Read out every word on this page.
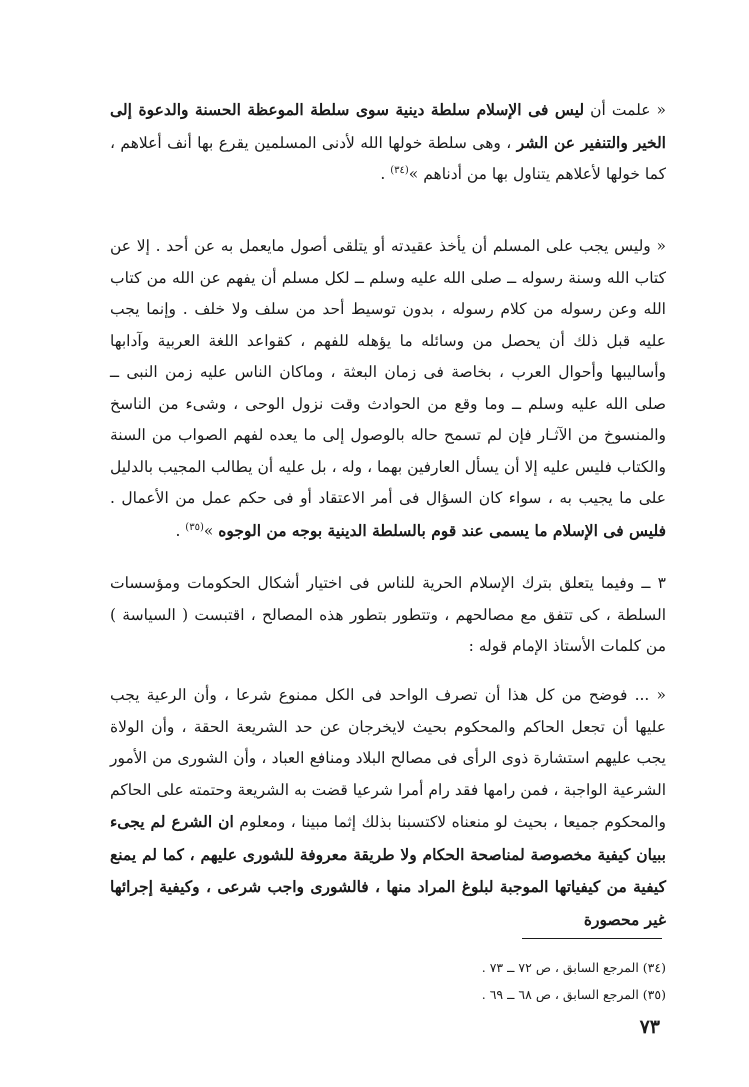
« علمت أن ليس فى الإسلام سلطة دينية سوى سلطة الموعظة الحسنة والدعوة إلى الخير والتنفير عن الشر ، وهى سلطة خولها الله لأدنى المسلمين يقرع بها أنف أعلاهم ، كما خولها لأعلاهم يتناول بها من أدناهم »$^{(٣٤)}$ .

« وليس يجب على المسلم أن يأخذ عقيدته أو يتلقى أصول مايعمل به عن أحد . إلا عن كتاب الله وسنة رسوله ــ صلى الله عليه وسلم ــ لكل مسلم أن يفهم عن الله من كتاب الله وعن رسوله من كلام رسوله ، بدون توسيط أحد من سلف ولا خلف . وإنما يجب عليه قبل ذلك أن يحصل من وسائله ما يؤهله للفهم ، كقواعد اللغة العربية وآدابها وأساليبها وأحوال العرب ، بخاصة فى زمان البعثة ، وماكان الناس عليه زمن النبى ــ صلى الله عليه وسلم ــ وما وقع من الحوادث وقت نزول الوحى ، وشىء من الناسخ والمنسوخ من الآثـار فإن لم تسمح حاله بالوصول إلى ما يعده لفهم الصواب من السنة والكتاب فليس عليه إلا أن يسأل العارفين بهما ، وله ، بل عليه أن يطالب المجيب بالدليل على ما يجيب به ، سواء كان السؤال فى أمر الاعتقاد أو فى حكم عمل من الأعمال . فليس فى الإسلام ما يسمى عند قوم بالسلطة الدينية بوجه من الوجوه »$^{(٣٥)}$ .

٣ ــ وفيما يتعلق بترك الإسلام الحرية للناس فى اختيار أشكال الحكومات ومؤسسات السلطة ، كى تتفق مع مصالحهم ، وتتطور بتطور هذه المصالح ، اقتبست ( السياسة ) من كلمات الأستاذ الإمام قوله :

« ... فوضح من كل هذا أن تصرف الواحد فى الكل ممنوع شرعا ، وأن الرعية يجب عليها أن تجعل الحاكم والمحكوم بحيث لايخرجان عن حد الشريعة الحقة ، وأن الولاة يجب عليهم استشارة ذوى الرأى فى مصالح البلاد ومنافع العباد ، وأن الشورى من الأمور الشرعية الواجبة ، فمن رامها فقد رام أمرا شرعيا قضت به الشريعة وحتمته على الحاكم والمحكوم جميعا ، بحيث لو منعناه لاكتسبنا بذلك إثما مبينا ، ومعلوم ان الشرع لم يجىء ببيان كيفية مخصوصة لمناصحة الحكام ولا طريقة معروفة للشورى عليهم ، كما لم يمنع كيفية من كيفياتها الموجبة لبلوغ المراد منها ، فالشورى واجب شرعى ، وكيفية إجرائها غير محصورة

(٣٤) المرجع السابق ، ص ٧٢ ــ ٧٣ .
(٣٥) المرجع السابق ، ص ٦٨ ــ ٦٩ .
٧٣
